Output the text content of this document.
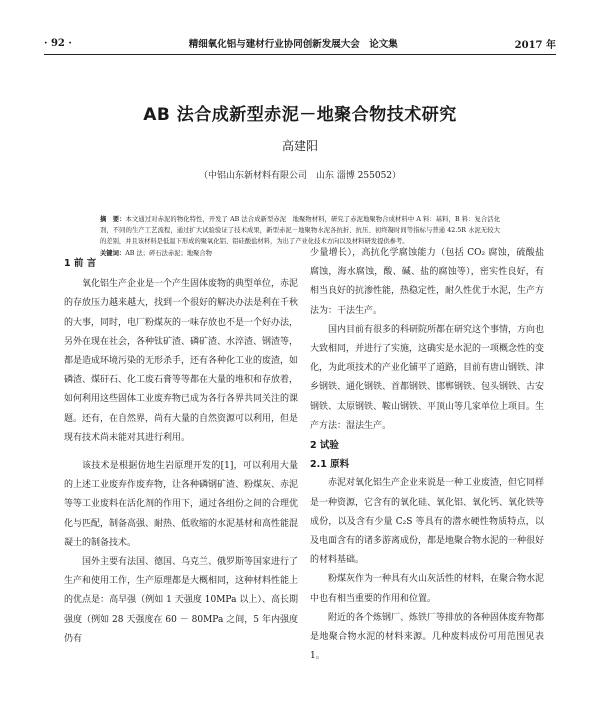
· 92 ·	精细氧化铝与建材行业协同创新发展大会　论文集	2017 年
AB 法合成新型赤泥－地聚合物技术研究
高建阳
（中铝山东新材料有限公司　山东 淄博 255052）
摘　要：本文通过对赤泥的物化特性，开发了 AB 法合成新型赤泥　地聚物材料，研究了赤泥地聚物合成材料中 A 料：基料，B 料：复合活化剂，不同的生产工艺流程，通过扩大试验验证了技术成果，新型赤泥－地聚物水泥各抗折、抗压、初终凝时间等指标与普通 42.5R 水泥无较大的差别，并且该材料是低温下形成的聚氧化铝、铝硅酸盐材料，为出了产业化技术方向以及材料研发提供参考。
关键词：AB 法；碎石法赤泥；地聚合物
1 前 言

氧化铝生产企业是一个产生固体废物的典型单位，赤泥的存放压力越来越大，找到一个很好的解决办法是利在千秋的大事，同时，电厂粉煤灰的一味存放也不是一个好办法，另外在现在社会，各种钛矿渣、磷矿渣、水淬渣、钢渣等，都是造成环境污染的无形杀手，还有各种化工业的废渣，如磷渣、煤矸石、化工废石膏等等都在大量的堆积和存放着，如何利用这些固体工业废弃物已成为各行各界共同关注的课题。还有，在自然界，尚有大量的自然资源可以利用，但是现有技术尚未能对其进行利用。

该技术是根据仿地生岩原理开发的[1]，可以利用大量的上述工业废弃作废弃物，让各种磷钢矿渣、粉煤灰、赤泥等等工业废料在活化剂的作用下，通过各组份之间的合理优化与匹配，制备高强、耐热、低收缩的水泥基材和高性能混凝土的制备技术。

国外主要有法国、德国、乌克兰、俄罗斯等国家进行了生产和使用工作，生产原理都是大概相同，这种材料性能上的优点是：高早强（例如 1 天强度 10MPa 以上）、高长期强度（例如 28 天强度在 60 － 80MPa 之间，5 年内强度仍有

少量增长），高抗化学腐蚀能力（包括 CO₂ 腐蚀，硫酸盐腐蚀，海水腐蚀，酸、碱、盐的腐蚀等），密实性良好，有相当良好的抗渗性能，热稳定性，耐久性优于水泥，生产方法为：干法生产。

国内目前有很多的科研院所都在研究这个事情，方向也大致相同，并进行了实施，这确实是水泥的一项概念性的变化，为此项技术的产业化铺平了道路，目前有唐山钢铁、津乡钢铁、通化钢铁、首都钢铁、邯郸钢铁、包头钢铁、古安钢铁、太原钢铁、鞍山钢铁、平顶山等几家单位上项目。生产方法：湿法生产。

2 试验
2.1 原料

赤泥对氧化铝生产企业来说是一种工业废渣，但它同样是一种资源，它含有的氧化硅、氧化铝、氧化钙、氧化铁等成份，以及含有少量 C₂S 等具有的潜水硬性物质特点，以及电面含有的诸多游离成份，都是地聚合物水泥的一种很好的材料基础。

粉煤灰作为一种具有火山灰活性的材料，在聚合物水泥中也有相当重要的作用和位置。

附近的各个炼钢厂、炼铁厂等排放的各种固体废弃物都是地聚合物水泥的材料来源。几种废料成份可用范围见表 1。
